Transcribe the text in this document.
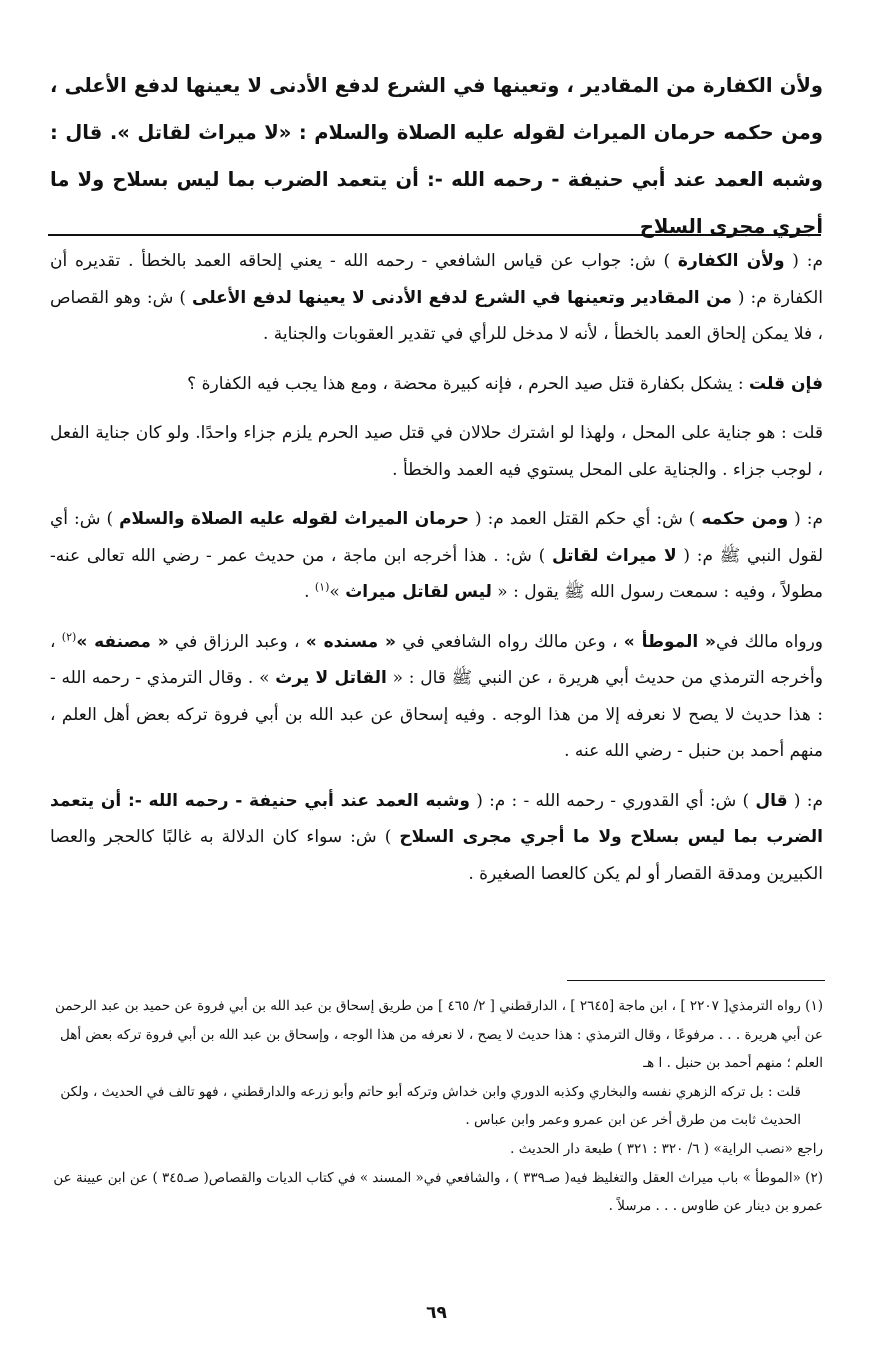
ولأن الكفارة من المقادير ، وتعينها في الشرع لدفع الأدنى لا يعينها لدفع الأعلى ، ومن حكمه حرمان الميراث لقوله عليه الصلاة والسلام : «لا ميراث لقاتل ». قال : وشبه العمد عند أبي حنيفة - رحمه الله -: أن يتعمد الضرب بما ليس بسلاح ولا ما أجري مجرى السلاح

م: ( ولأن الكفارة ) ش: جواب عن قياس الشافعي - رحمه الله - يعني إلحاقه العمد بالخطأ . تقديره أن الكفارة م: ( من المقادير وتعينها في الشرع لدفع الأدنى لا يعينها لدفع الأعلى ) ش: وهو القصاص ، فلا يمكن إلحاق العمد بالخطأ ، لأنه لا مدخل للرأي في تقدير العقوبات والجناية .

فإن قلت : يشكل بكفارة قتل صيد الحرم ، فإنه كبيرة محضة ، ومع هذا يجب فيه الكفارة ؟

قلت : هو جناية على المحل ، ولهذا لو اشترك حلالان في قتل صيد الحرم يلزم جزاء واحدًا. ولو كان جناية الفعل ، لوجب جزاء . والجناية على المحل يستوي فيه العمد والخطأ .

م: ( ومن حكمه ) ش: أي حكم القتل العمد م: ( حرمان الميراث لقوله عليه الصلاة والسلام ) ش: أي لقول النبي ﷺ م: ( لا ميراث لقاتل ) ش: . هذا أخرجه ابن ماجة ، من حديث عمر - رضي الله تعالى عنه- مطولاً ، وفيه : سمعت رسول الله ﷺ يقول : « ليس لقاتل ميراث »$^{(١)}$ .

ورواه مالك في« الموطأ » ، وعن مالك رواه الشافعي في « مسنده » ، وعبد الرزاق في « مصنفه »$^{(٢)}$ ، وأخرجه الترمذي من حديث أبي هريرة ، عن النبي ﷺ قال : « القاتل لا يرث » . وقال الترمذي - رحمه الله - : هذا حديث لا يصح لا نعرفه إلا من هذا الوجه . وفيه إسحاق عن عبد الله بن أبي فروة تركه بعض أهل العلم ، منهم أحمد بن حنبل - رضي الله عنه .

م: ( قال ) ش: أي القدوري - رحمه الله - : م: ( وشبه العمد عند أبي حنيفة - رحمه الله -: أن يتعمد الضرب بما ليس بسلاح ولا ما أجري مجرى السلاح ) ش: سواء كان الدلالة به غالبًا كالحجر والعصا الكبيرين ومدقة القصار أو لم يكن كالعصا الصغيرة .

(١) رواه الترمذي[ ٢٢٠٧ ] ، ابن ماجة [٢٦٤٥ ] ، الدارقطني [ ٢/ ٤٦٥ ] من طريق إسحاق بن عبد الله بن أبي فروة عن حميد بن عبد الرحمن عن أبي هريرة . . . مرفوعًا ، وقال الترمذي : هذا حديث لا يصح ، لا نعرفه من هذا الوجه ، وإسحاق بن عبد الله بن أبي فروة تركه بعض أهل العلم ؛ منهم أحمد بن حنبل . ا هـ

قلت : بل تركه الزهري نفسه والبخاري وكذبه الدوري وابن خداش وتركه أبو حاتم وأبو زرعه والدارقطني ، فهو تالف في الحديث ، ولكن الحديث ثابت من طرق أخر عن ابن عمرو وعمر وابن عباس .

راجع «نصب الراية» ( ٦/ ٣٢٠ : ٣٢١ ) طبعة دار الحديث .

(٢) «الموطأ » باب ميراث العقل والتغليظ فيه( صـ٣٣٩ ) ، والشافعي في« المسند » في كتاب الديات والقصاص( صـ٣٤٥ ) عن ابن عيينة عن عمرو بن دينار عن طاوس . . . مرسلاً .

٦٩
